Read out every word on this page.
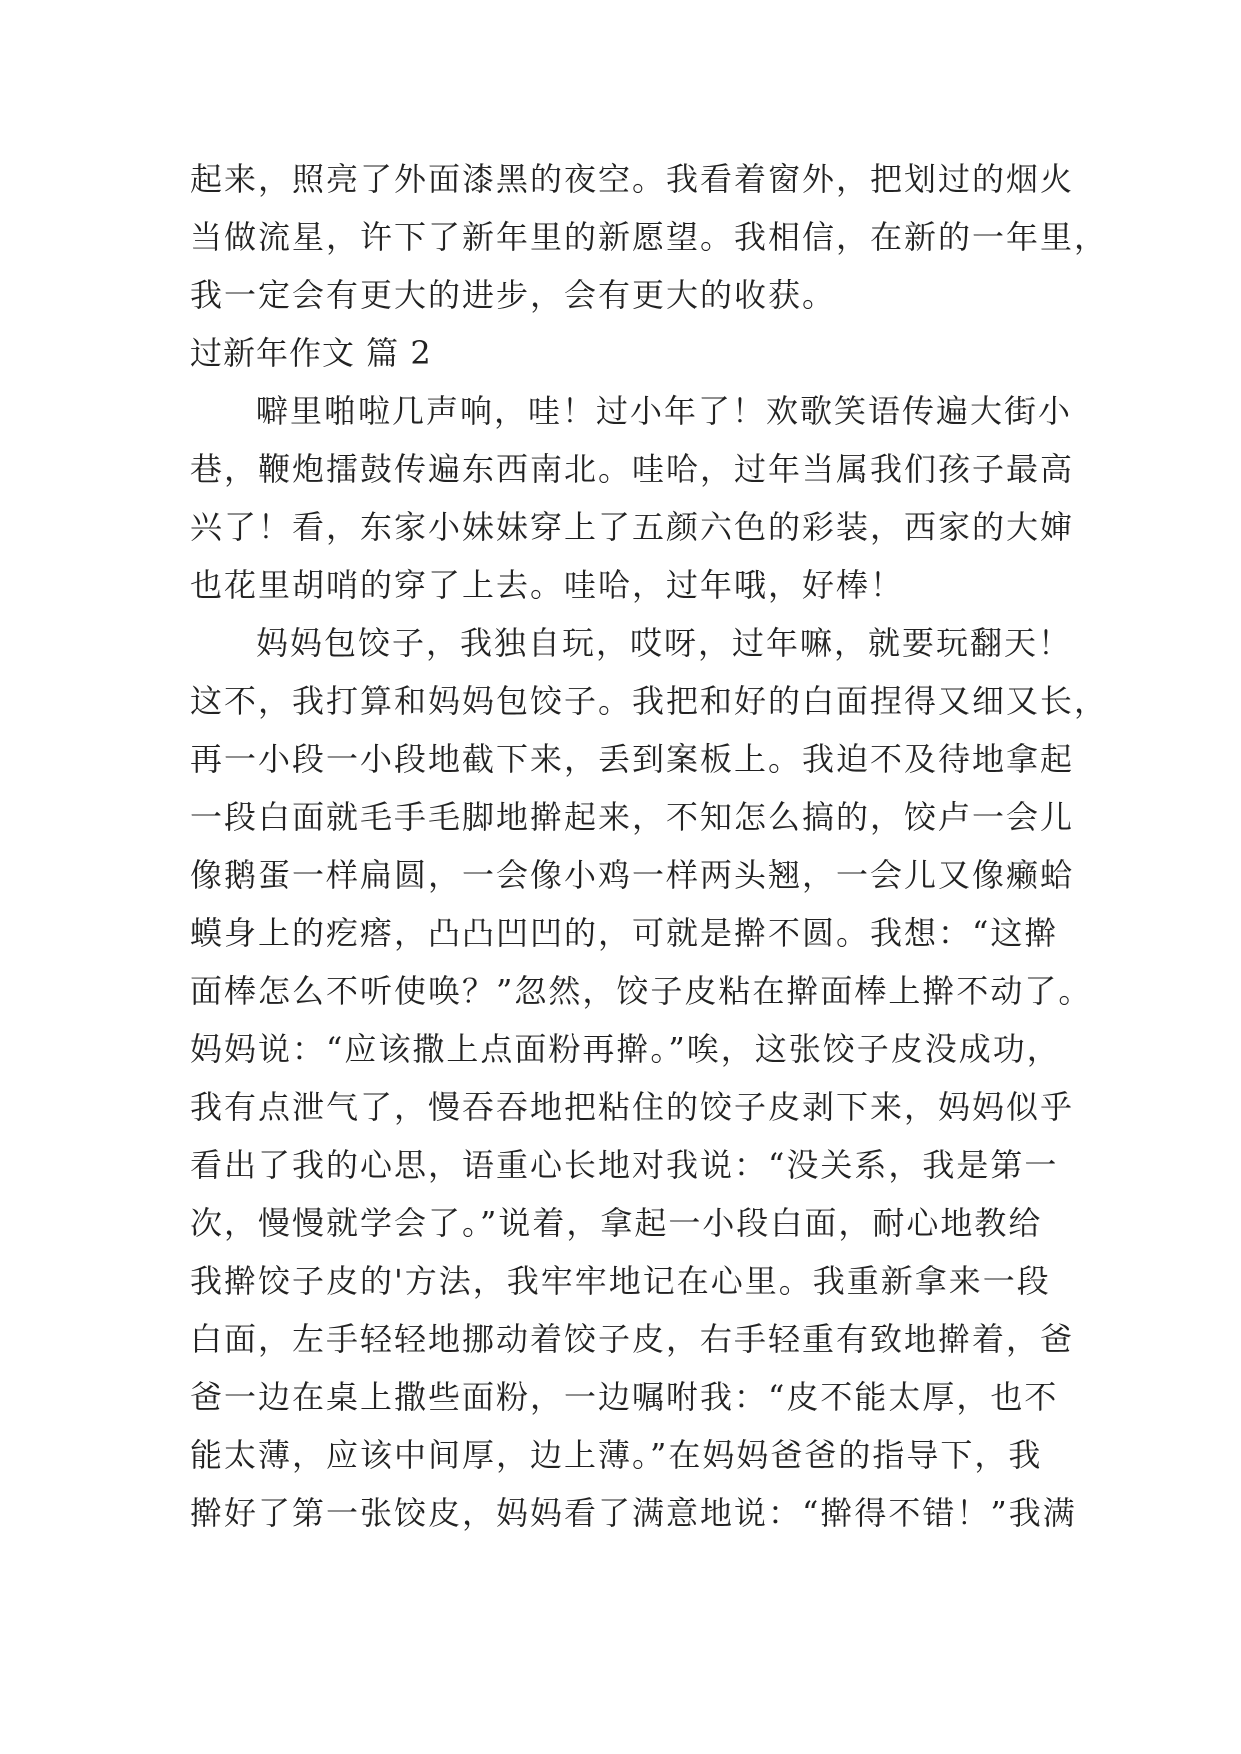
起来，照亮了外面漆黑的夜空。我看着窗外，把划过的烟火
当做流星，许下了新年里的新愿望。我相信，在新的一年里，
我一定会有更大的进步，会有更大的收获。
过新年作文 篇 2
噼里啪啦几声响，哇！过小年了！欢歌笑语传遍大街小
巷，鞭炮擂鼓传遍东西南北。哇哈，过年当属我们孩子最高
兴了！看，东家小妹妹穿上了五颜六色的彩装，西家的大婶
也花里胡哨的穿了上去。哇哈，过年哦，好棒！
妈妈包饺子，我独自玩，哎呀，过年嘛，就要玩翻天！
这不，我打算和妈妈包饺子。我把和好的白面捏得又细又长，
再一小段一小段地截下来，丢到案板上。我迫不及待地拿起
一段白面就毛手毛脚地擀起来，不知怎么搞的，饺卢一会儿
像鹅蛋一样扁圆，一会像小鸡一样两头翘，一会儿又像癞蛤
蟆身上的疙瘩，凸凸凹凹的，可就是擀不圆。我想：“这擀
面棒怎么不听使唤？”忽然，饺子皮粘在擀面棒上擀不动了。
妈妈说：“应该撒上点面粉再擀。”唉，这张饺子皮没成功，
我有点泄气了，慢吞吞地把粘住的饺子皮剥下来，妈妈似乎
看出了我的心思，语重心长地对我说：“没关系，我是第一
次，慢慢就学会了。”说着，拿起一小段白面，耐心地教给
我擀饺子皮的'方法，我牢牢地记在心里。我重新拿来一段
白面，左手轻轻地挪动着饺子皮，右手轻重有致地擀着，爸
爸一边在桌上撒些面粉，一边嘱咐我：“皮不能太厚，也不
能太薄，应该中间厚，边上薄。”在妈妈爸爸的指导下，我
擀好了第一张饺皮，妈妈看了满意地说：“擀得不错！”我满
